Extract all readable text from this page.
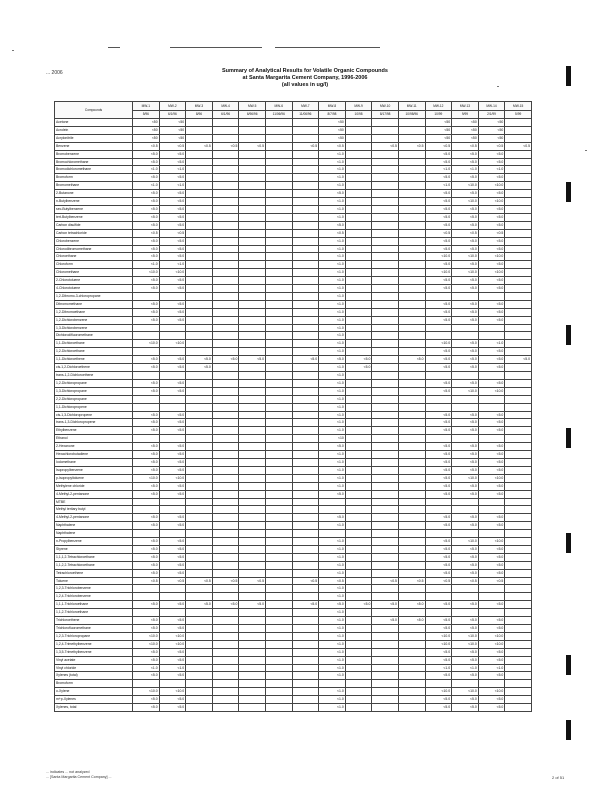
... 2006	Summary of Analytical Results for Volatile Organic Compounds
at Santa Margarita Cement Company, 1996-2006
(all values in ug/l)
Compounds	MW-1	MW-2	MW-3	MW-4	MW-5	MW-6	MW-7	MW-8	MW-9	MW-10	MW-11	MW-12	MW-13	MW-14	MW-15
	5/96	6/1/96	8/96	6/1/96	6/96/96	11/06/96	11/06/96	8/7/98	10/98	8/17/98	10/98/96	10/99	9/99	2/1/99	5/99
Acetone	<50	<50						<50				<50	<50	<50	
Acrolein	<50	<50						<50				<50	<50	<50	
Acrylonitrile	<50	<50						<50				<50	<50	<50	
Benzene	<0.5	<0.5	<0.5	<0.5	<0.5		<0.5	<0.5		<0.5	<0.5	<0.5	<0.5	<0.5	<0.5
Bromobenzene	<5.0	<5.0						<1.0				<5.0	<5.0	<5.0	
Bromochloromethane	<5.0	<5.0						<1.0				<5.0	<5.0	<5.0	
Bromodichloromethane	<1.0	<1.0						<1.0				<1.0	<1.0	<1.0	
Bromoform	<5.0	<5.0						<1.0				<5.0	<5.0	<5.0	
Bromomethane	<1.0	<1.0						<1.0				<1.0	<10.0	<10.0	
2-Butanone	<5.0	<5.0						<5.0				<5.0	<5.0	<5.0	
n-Butylbenzene	<5.0	<5.0						<1.0				<5.0	<10.0	<10.0	
sec-Butylbenzene	<5.0	<5.0						<1.0				<5.0	<5.0	<5.0	
tert-Butylbenzene	<5.0	<5.0						<1.0				<5.0	<5.0	<5.0	
Carbon disulfide	<5.0	<5.0						<5.0				<5.0	<5.0	<5.0	
Carbon tetrachloride	<0.5	<0.5						<0.5				<0.5	<0.5	<0.5	
Chlorobenzene	<5.0	<5.0						<1.0				<5.0	<5.0	<5.0	
Chlorodibromomethane	<5.0	<5.0						<1.0				<5.0	<5.0	<5.0	
Chloroethane	<5.0	<5.0						<1.0				<10.0	<10.0	<10.0	
Chloroform	<1.0	<1.0						<1.0				<5.0	<5.0	<5.0	
Chloromethane	<10.0	<10.0						<1.0				<10.0	<10.0	<10.0	
2-Chlorotoluene	<5.0	<5.0						<1.0				<5.0	<5.0	<5.0	
4-Chlorotoluene	<5.0	<5.0						<1.0				<5.0	<5.0	<5.0	
1,2-Dibromo-3-chloropropane								<1.0							
Dibromomethane	<5.0	<5.0						<1.0				<5.0	<5.0	<5.0	
1,2-Dibromoethane	<5.0	<5.0						<1.0				<5.0	<5.0	<5.0	
1,2-Dichlorobenzene	<5.0	<5.0						<1.0				<5.0	<5.0	<5.0	
1,3-Dichlorobenzene								<1.0							
Dichlorodifluoromethane								<1.0							
1,1-Dichloroethane	<10.0	<10.0						<1.0				<10.0	<5.0	<1.0	
1,2-Dichloroethane								<1.0				<5.0	<5.0	<5.0	
1,1-Dichloroethene	<5.0	<5.0	<5.0	<5.0	<5.0		<5.0	<5.0	<5.0		<5.0	<5.0	<5.0	<5.0	<5.0
cis-1,2-Dichloroethene	<5.0	<5.0	<5.0					<1.0	<5.0			<5.0	<5.0	<5.0	
trans-1,2-Dichloroethene								<1.0							
1,2-Dichloropropane	<5.0	<5.0						<1.0				<5.0	<5.0	<5.0	
1,3-Dichloropropane	<5.0	<5.0						<1.0				<5.0	<10.0	<10.0	
2,2-Dichloropropane								<1.0							
1,1-Dichloropropene								<1.0							
cis-1,3-Dichloropropene	<5.0	<5.0						<1.0				<5.0	<5.0	<5.0	
trans-1,3-Dichloropropene	<5.0	<5.0						<1.0				<5.0	<5.0	<5.0	
Ethylbenzene	<5.0	<5.0						<1.0				<5.0	<5.0	<5.0	
Ethanol								<10							
2-Hexanone	<5.0	<5.0						<5.0				<5.0	<5.0	<5.0	
Hexachlorobutadiene	<5.0	<5.0						<1.0				<5.0	<5.0	<5.0	
Iodomethane	<5.0	<5.0						<1.0				<5.0	<5.0	<5.0	
Isopropylbenzene	<5.0	<5.0						<1.0				<5.0	<5.0	<5.0	
p-Isopropyltoluene	<10.0	<10.0						<1.0				<5.0	<10.0	<10.0	
Methylene chloride	<5.0	<5.0						<1.0				<5.0	<5.0	<5.0	
4-Methyl-2-pentanone	<5.0	<5.0						<5.0				<5.0	<5.0	<5.0	
MTBE															
Methyl tertiary butyl															
4-Methyl-2-pentanone	<5.0	<5.0						<5.0				<5.0	<5.0	<5.0	
Naphthalene	<5.0	<5.0						<1.0				<5.0	<5.0	<5.0	
Naphthalene															
n-Propylbenzene	<5.0	<5.0						<1.0				<5.0	<10.0	<10.0	
Styrene	<5.0	<5.0						<1.0				<5.0	<5.0	<5.0	
1,1,1,2-Tetrachloroethane	<5.0	<5.0						<1.0				<5.0	<5.0	<5.0	
1,1,2,2-Tetrachloroethane	<5.0	<5.0						<1.0				<5.0	<5.0	<5.0	
Tetrachloroethene	<5.0	<5.0						<1.0				<5.0	<5.0	<5.0	
Toluene	<0.5	<0.5	<0.5	<0.5	<0.5		<0.5	<0.5		<0.5	<0.5	<0.5	<0.5	<0.5	
1,2,3-Trichlorobenzene								<1.0							
1,2,4-Trichlorobenzene								<1.0							
1,1,1-Trichloroethane	<5.0	<5.0	<5.0	<5.0	<5.0		<5.0	<5.0	<5.0	<5.0	<5.0	<5.0	<5.0	<5.0	
1,1,2-Trichloroethane								<1.0							
Trichloroethene	<5.0	<5.0						<1.0		<5.0	<5.0	<5.0	<5.0	<5.0	
Trichlorofluoromethane	<5.0	<5.0						<1.0				<5.0	<5.0	<5.0	
1,2,3-Trichloropropane	<10.0	<10.0						<1.0				<10.0	<10.0	<10.0	
1,2,4-Trimethylbenzene	<10.0	<10.0						<1.0				<10.0	<10.0	<10.0	
1,3,5-Trimethylbenzene	<5.0	<5.0						<1.0				<5.0	<5.0	<5.0	
Vinyl acetate	<5.0	<5.0						<1.0				<5.0	<5.0	<5.0	
Vinyl chloride	<1.0	<1.0						<1.0				<1.0	<1.0	<1.0	
Xylenes (total)	<5.0	<5.0						<1.0				<5.0	<5.0	<5.0	
Bromoform															
o-Xylene	<10.0	<10.0						<1.0				<10.0	<10.0	<10.0	
m+p-Xylenes	<5.0	<5.0						<1.0				<5.0	<5.0	<5.0	
Xylenes, total	<5.0	<5.0						<1.0				<5.0	<5.0	<5.0	
... indicates ... not analyzed
... [Santa Margarita Cement Company] ...	2 of 51
